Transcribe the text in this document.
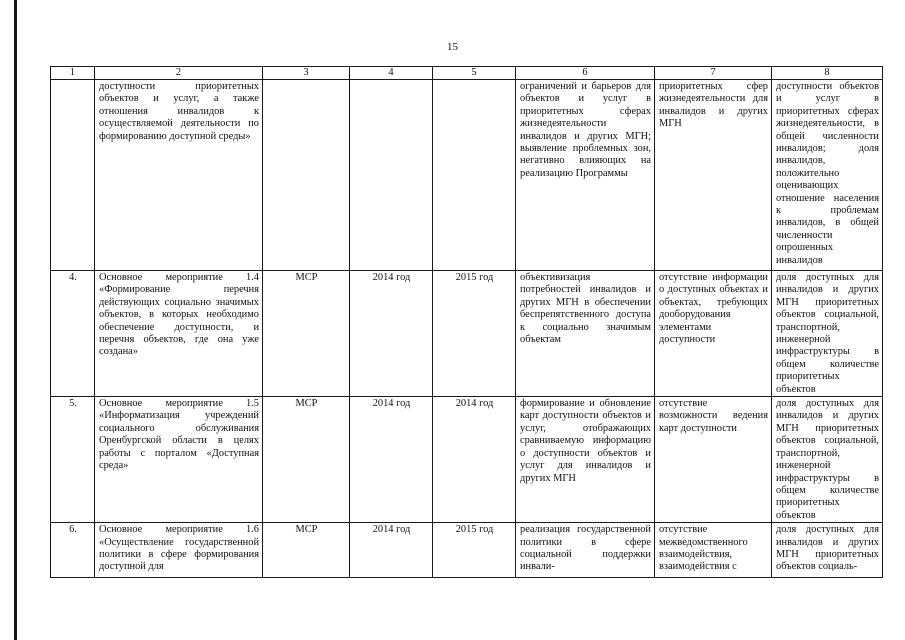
15
1	2	3	4	5	6	7	8
	доступности приоритетных объектов и услуг, а также отношения инвалидов к осуществляемой деятельности по формированию доступной среды»				ограничений и барьеров для объектов и услуг в приоритетных сферах жизнедеятельности инвалидов и других МГН; выявление проблемных зон, негативно влияющих на реализацию Программы	приоритетных сфер жизнедеятельности для инвалидов и других МГН	доступности объектов и услуг в приоритетных сферах жизнедеятельности, в общей численности инвалидов; доля инвалидов, положительно оценивающих отношение населения к проблемам инвалидов, в общей численности опрошенных инвалидов
4.	Основное мероприятие 1.4 «Формирование перечня действующих социально значимых объектов, в которых необходимо обеспечение доступности, и перечня объектов, где она уже создана»	МСР	2014 год	2015 год	объективизация потребностей инвалидов и других МГН в обеспечении беспрепятственного доступа к социально значимым объектам	отсутствие информации о доступных объектах и объектах, требующих дооборудования элементами доступности	доля доступных для инвалидов и других МГН приоритетных объектов социальной, транспортной, инженерной инфраструктуры в общем количестве приоритетных объектов
5.	Основное мероприятие 1.5 «Информатизация учреждений социального обслуживания Оренбургской области в целях работы с порталом «Доступная среда»	МСР	2014 год	2014 год	формирование и обновление карт доступности объектов и услуг, отображающих сравниваемую информацию о доступности объектов и услуг для инвалидов и других МГН	отсутствие возможности ведения карт доступности	доля доступных для инвалидов и других МГН приоритетных объектов социальной, транспортной, инженерной инфраструктуры в общем количестве приоритетных объектов
6.	Основное мероприятие 1.6 «Осуществление государственной политики в сфере формирования доступной для	МСР	2014 год	2015 год	реализация государственной политики в сфере социальной поддержки инвали-	отсутствие межведомственного взаимодействия, взаимодействия с	доля доступных для инвалидов и других МГН приоритетных объектов социаль-
